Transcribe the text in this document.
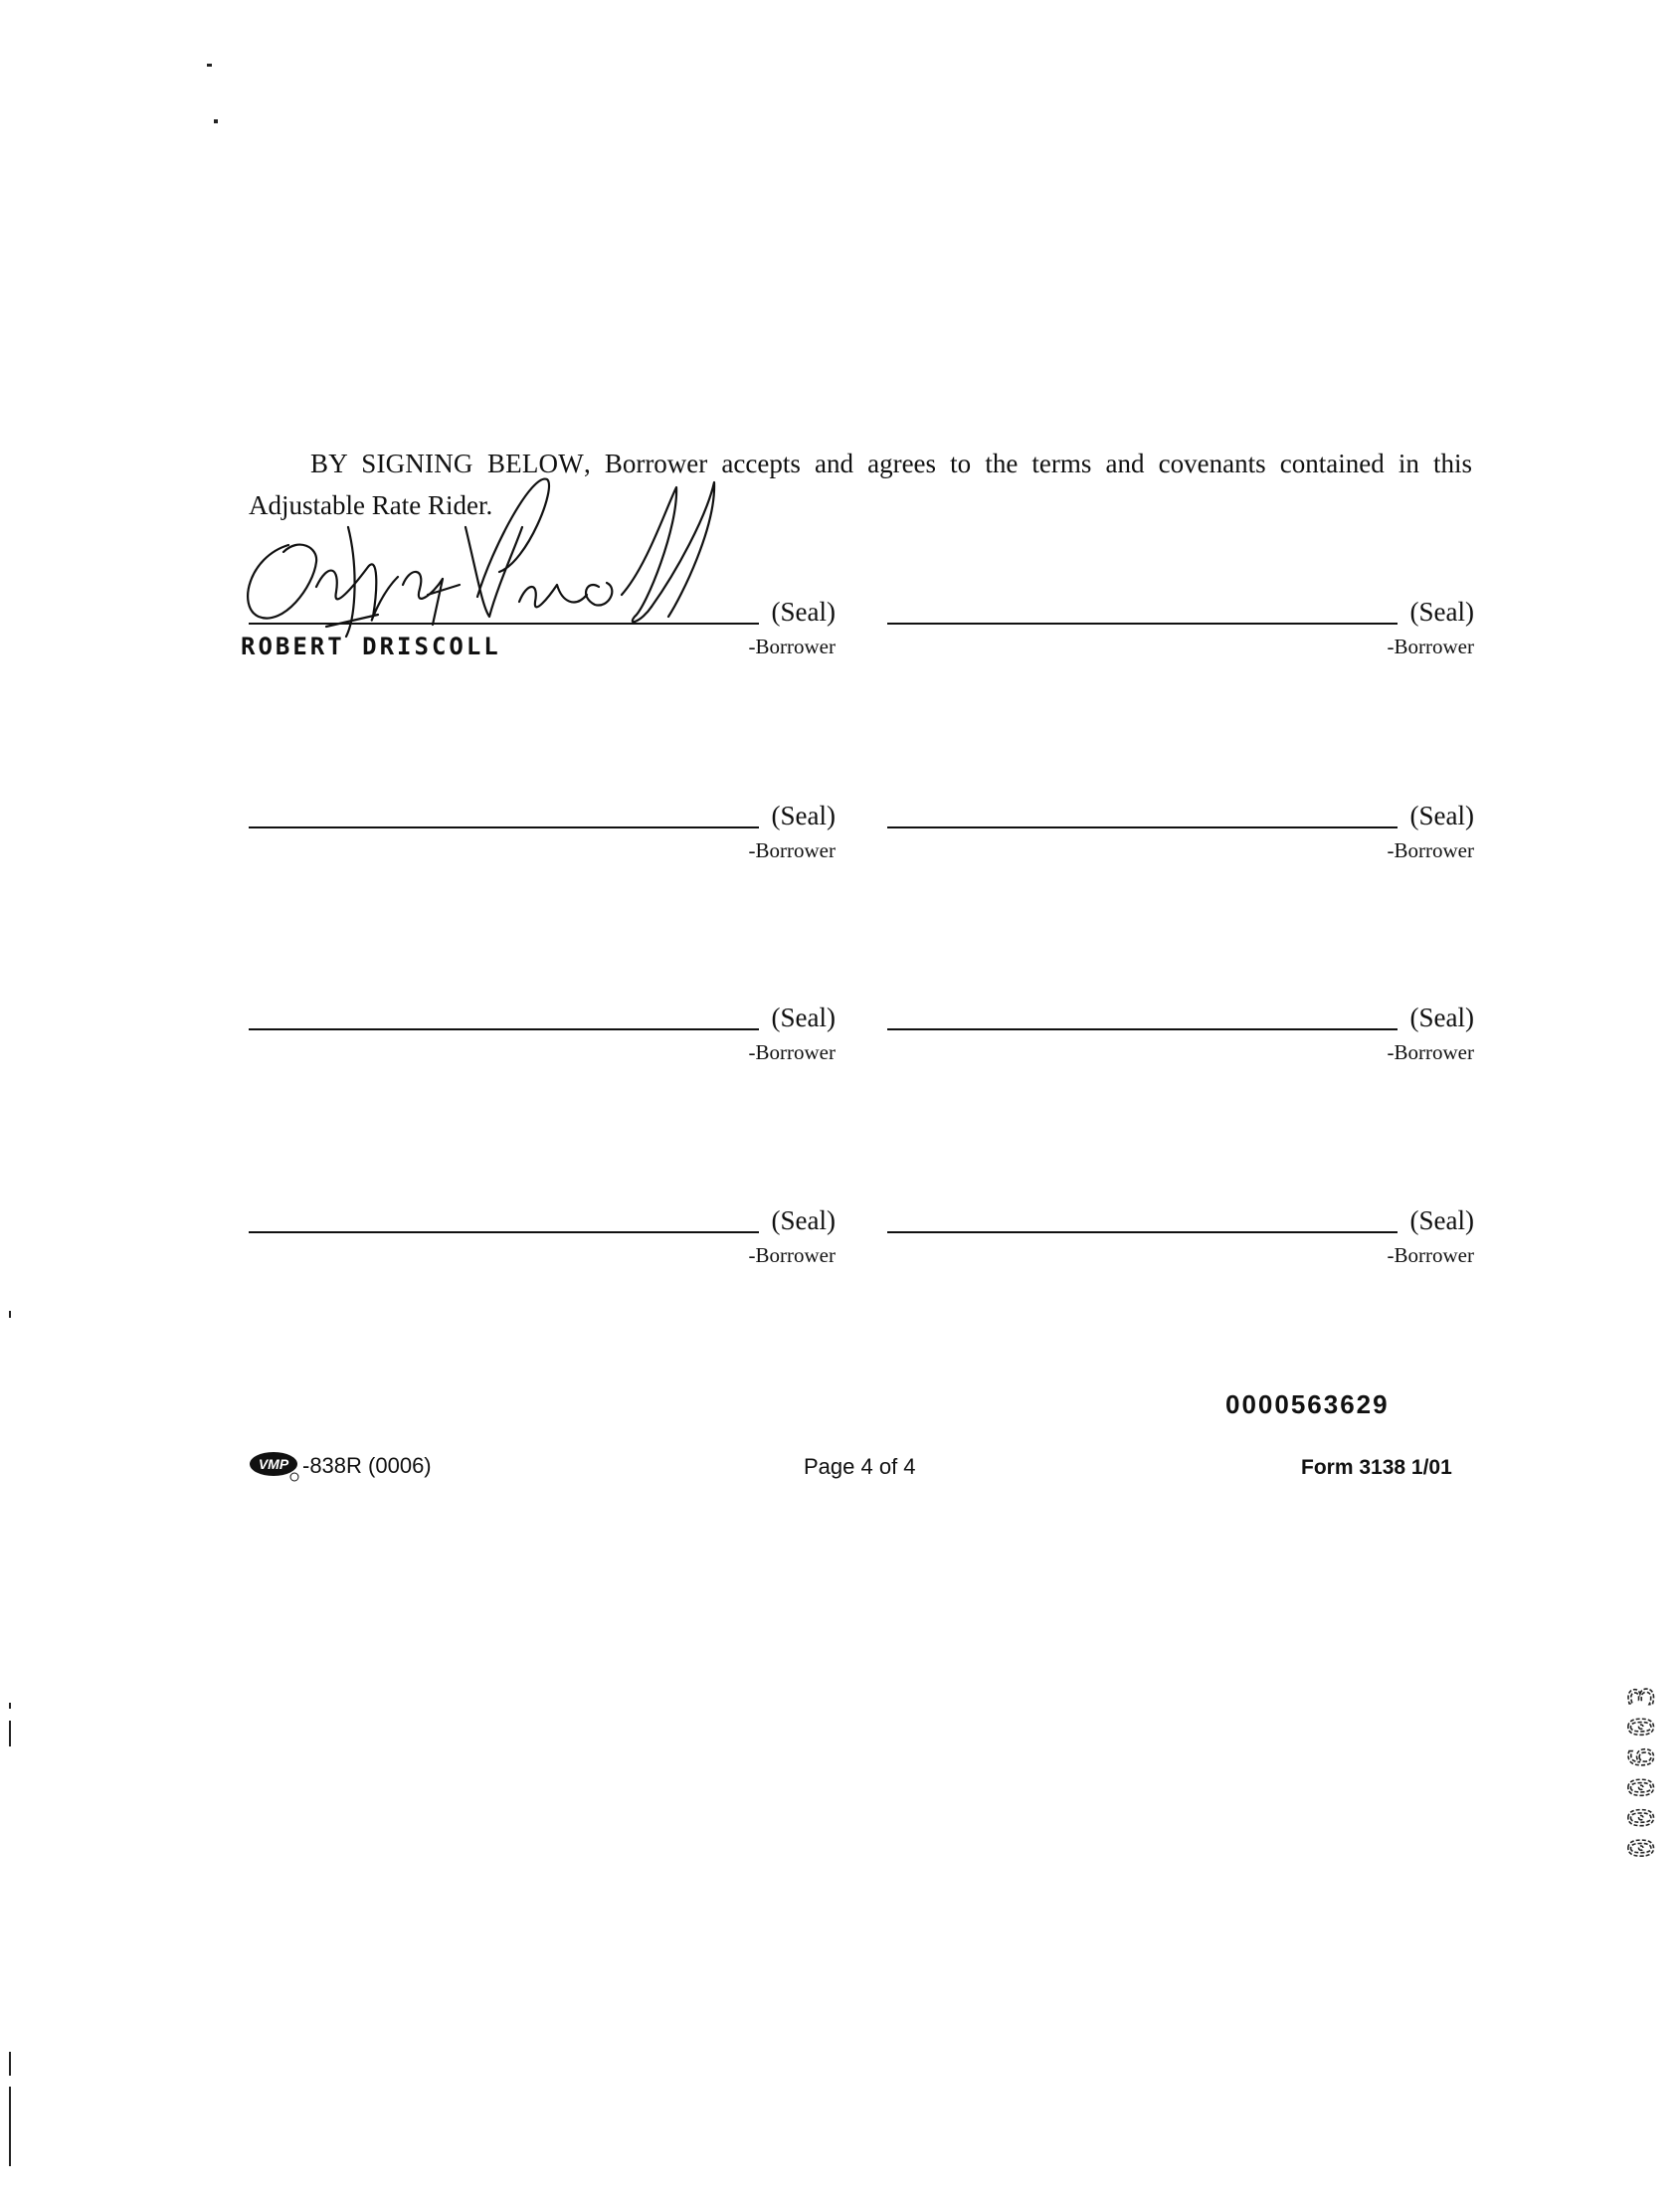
BY SIGNING BELOW, Borrower accepts and agrees to the terms and covenants contained in this Adjustable Rate Rider.
(Seal)
-Borrower
ROBERT DRISCOLL
(Seal)
-Borrower
(Seal)
-Borrower
(Seal)
-Borrower
(Seal)
-Borrower
(Seal)
-Borrower
(Seal)
-Borrower
(Seal)
-Borrower
0000563629
VMP -838R (0006)	Page 4 of 4	Form 3138 1/01
000603
